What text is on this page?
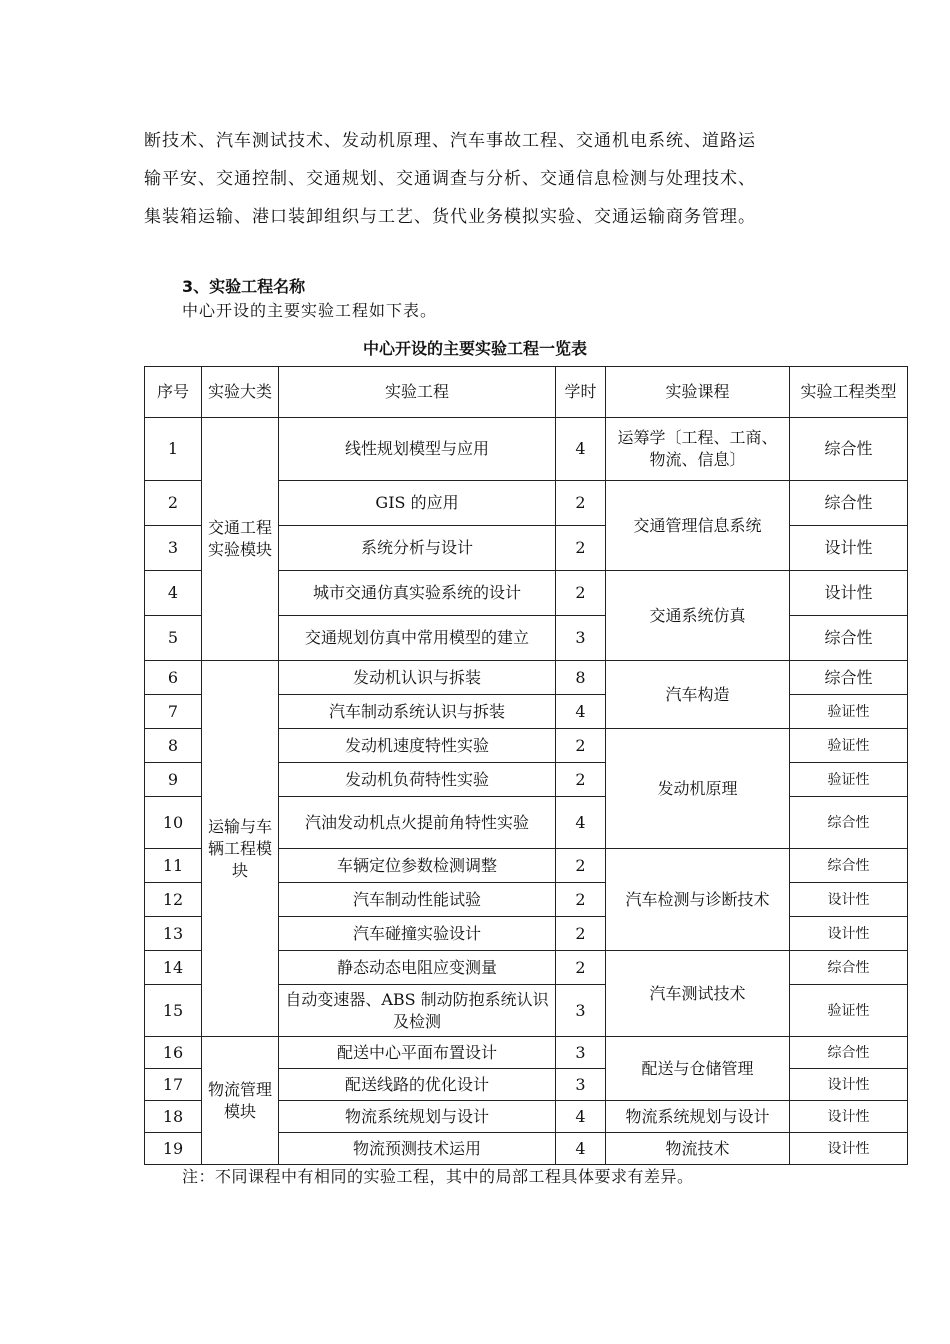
断技术、汽车测试技术、发动机原理、汽车事故工程、交通机电系统、道路运

输平安、交通控制、交通规划、交通调查与分析、交通信息检测与处理技术、

集装箱运输、港口装卸组织与工艺、货代业务模拟实验、交通运输商务管理。

3、实验工程名称
中心开设的主要实验工程如下表。
中心开设的主要实验工程一览表
序号	实验大类	实验工程	学时	实验课程	实验工程类型
1	交通工程实验模块	线性规划模型与应用	4	运筹学〔工程、工商、物流、信息〕	综合性
2		GIS 的应用	2	交通管理信息系统	综合性
3		系统分析与设计	2		设计性
4		城市交通仿真实验系统的设计	2	交通系统仿真	设计性
5		交通规划仿真中常用模型的建立	3		综合性
6	运输与车辆工程模块	发动机认识与拆装	8	汽车构造	综合性
7		汽车制动系统认识与拆装	4		验证性
8		发动机速度特性实验	2	发动机原理	验证性
9		发动机负荷特性实验	2		验证性
10		汽油发动机点火提前角特性实验	4		综合性
11		车辆定位参数检测调整	2	汽车检测与诊断技术	综合性
12		汽车制动性能试验	2		设计性
13		汽车碰撞实验设计	2		设计性
14		静态动态电阻应变测量	2	汽车测试技术	综合性
15		自动变速器、ABS 制动防抱系统认识及检测	3		验证性
16	物流管理模块	配送中心平面布置设计	3	配送与仓储管理	综合性
17		配送线路的优化设计	3		设计性
18		物流系统规划与设计	4	物流系统规划与设计	设计性
19		物流预测技术运用	4	物流技术	设计性
注：不同课程中有相同的实验工程，其中的局部工程具体要求有差异。
